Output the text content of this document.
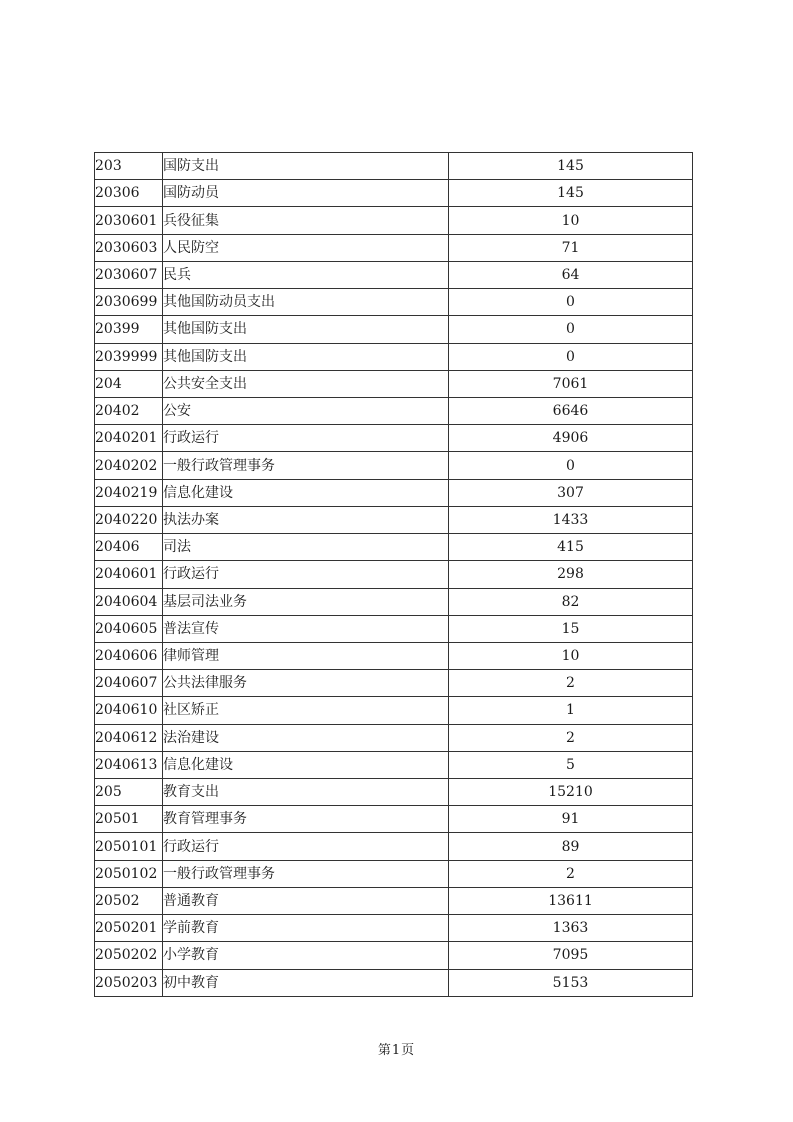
203	国防支出	145
20306	国防动员	145
2030601	兵役征集	10
2030603	人民防空	71
2030607	民兵	64
2030699	其他国防动员支出	0
20399	其他国防支出	0
2039999	其他国防支出	0
204	公共安全支出	7061
20402	公安	6646
2040201	行政运行	4906
2040202	一般行政管理事务	0
2040219	信息化建设	307
2040220	执法办案	1433
20406	司法	415
2040601	行政运行	298
2040604	基层司法业务	82
2040605	普法宣传	15
2040606	律师管理	10
2040607	公共法律服务	2
2040610	社区矫正	1
2040612	法治建设	2
2040613	信息化建设	5
205	教育支出	15210
20501	教育管理事务	91
2050101	行政运行	89
2050102	一般行政管理事务	2
20502	普通教育	13611
2050201	学前教育	1363
2050202	小学教育	7095
2050203	初中教育	5153
第1页
